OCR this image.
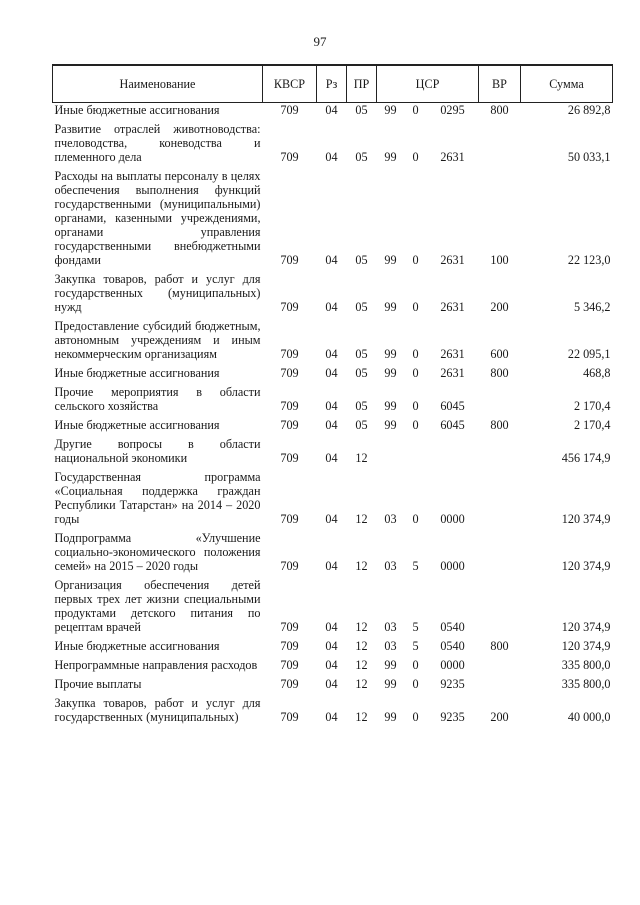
97
Наименование	КВСР	Рз	ПР	ЦСР	ВР	Сумма
Иные бюджетные ассигнования	709	04	05	99 0 0295	800	26 892,8
Развитие отраслей животноводства: пчеловодства, коневодства и племенного дела	709	04	05	99 0 2631		50 033,1
Расходы на выплаты персоналу в целях обеспечения выполнения функций государственными (муниципальными) органами, казенными учреждениями, органами управления государственными внебюджетными фондами	709	04	05	99 0 2631	100	22 123,0
Закупка товаров, работ и услуг для государственных (муниципальных) нужд	709	04	05	99 0 2631	200	5 346,2
Предоставление субсидий бюджетным, автономным учреждениям и иным некоммерческим организациям	709	04	05	99 0 2631	600	22 095,1
Иные бюджетные ассигнования	709	04	05	99 0 2631	800	468,8
Прочие мероприятия в области сельского хозяйства	709	04	05	99 0 6045		2 170,4
Иные бюджетные ассигнования	709	04	05	99 0 6045	800	2 170,4
Другие вопросы в области национальной экономики	709	04	12			456 174,9
Государственная программа «Социальная поддержка граждан Республики Татарстан» на 2014 – 2020 годы	709	04	12	03 0 0000		120 374,9
Подпрограмма «Улучшение социально-экономического положения семей» на 2015 – 2020 годы	709	04	12	03 5 0000		120 374,9
Организация обеспечения детей первых трех лет жизни специальными продуктами детского питания по рецептам врачей	709	04	12	03 5 0540		120 374,9
Иные бюджетные ассигнования	709	04	12	03 5 0540	800	120 374,9
Непрограммные направления расходов	709	04	12	99 0 0000		335 800,0
Прочие выплаты	709	04	12	99 0 9235		335 800,0
Закупка товаров, работ и услуг для государственных (муниципальных)	709	04	12	99 0 9235	200	40 000,0
